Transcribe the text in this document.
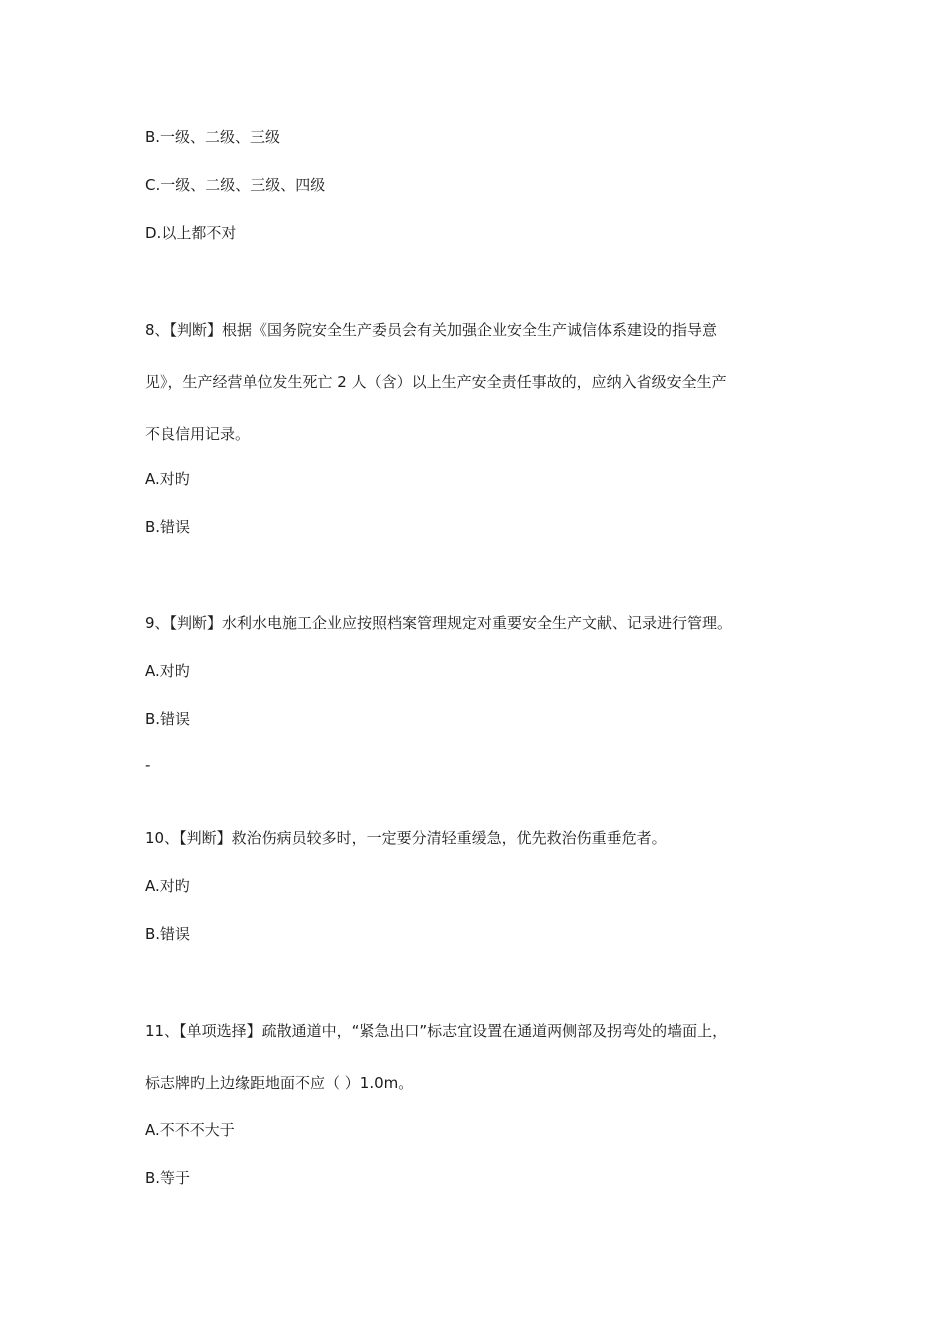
B.一级、二级、三级
C.一级、二级、三级、四级
D.以上都不对
8、【判断】根据《国务院安全生产委员会有关加强企业安全生产诚信体系建设的指导意
见》，生产经营单位发生死亡 2 人（含）以上生产安全责任事故的，应纳入省级安全生产
不良信用记录。
A.对旳
B.错误
9、【判断】水利水电施工企业应按照档案管理规定对重要安全生产文献、记录进行管理。
A.对旳
B.错误
-
10、【判断】救治伤病员较多时，一定要分清轻重缓急，优先救治伤重垂危者。
A.对旳
B.错误
11、【单项选择】疏散通道中，“紧急出口”标志宜设置在通道两侧部及拐弯处的墙面上，
标志牌旳上边缘距地面不应（ ）1.0m。
A.不不不大于
B.等于
